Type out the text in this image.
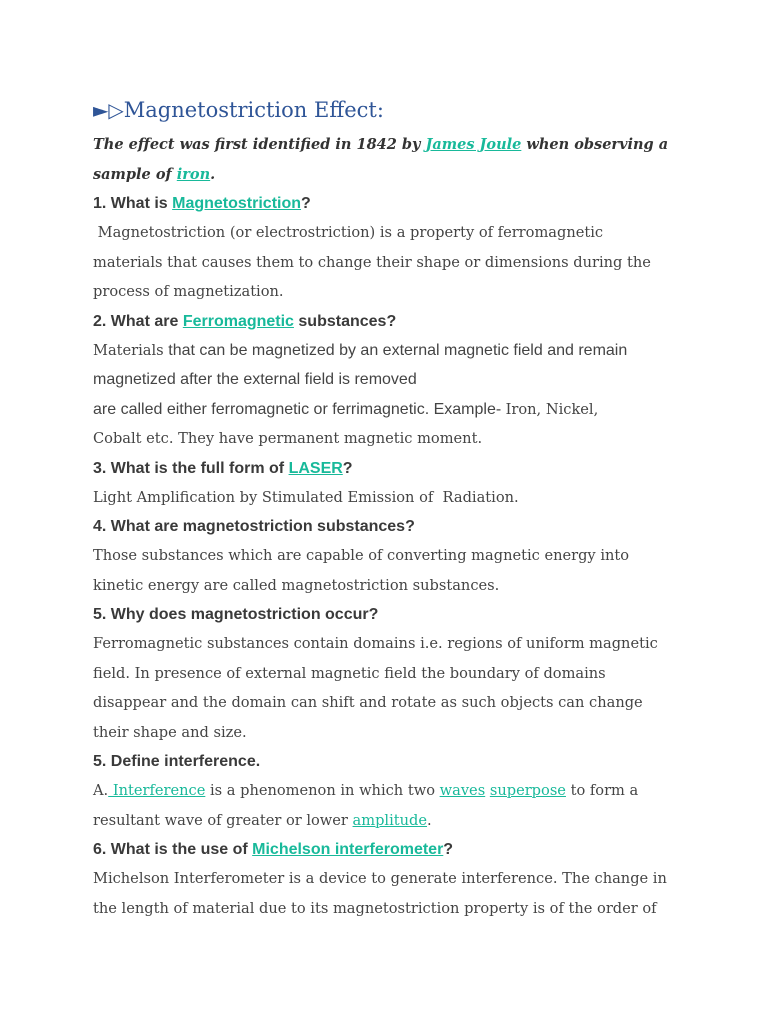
►▷Magnetostriction Effect:
The effect was first identified in 1842 by James Joule when observing a sample of iron.
1. What is Magnetostriction?
Magnetostriction (or electrostriction) is a property of ferromagnetic
materials that causes them to change their shape or dimensions during the
process of magnetization.
2. What are Ferromagnetic substances?
Materials that can be magnetized by an external magnetic field and remain
magnetized after the external field is removed
are called either ferromagnetic or ferrimagnetic. Example- Iron, Nickel,
Cobalt etc. They have permanent magnetic moment.
3. What is the full form of LASER?
Light Amplification by Stimulated Emission of  Radiation.
4. What are magnetostriction substances?
Those substances which are capable of converting magnetic energy into
kinetic energy are called magnetostriction substances.
5. Why does magnetostriction occur?
Ferromagnetic substances contain domains i.e. regions of uniform magnetic
field. In presence of external magnetic field the boundary of domains
disappear and the domain can shift and rotate as such objects can change
their shape and size.
5. Define interference.
A. Interference is a phenomenon in which two waves superpose to form a
resultant wave of greater or lower amplitude.
6. What is the use of Michelson interferometer?
Michelson Interferometer is a device to generate interference. The change in
the length of material due to its magnetostriction property is of the order of
